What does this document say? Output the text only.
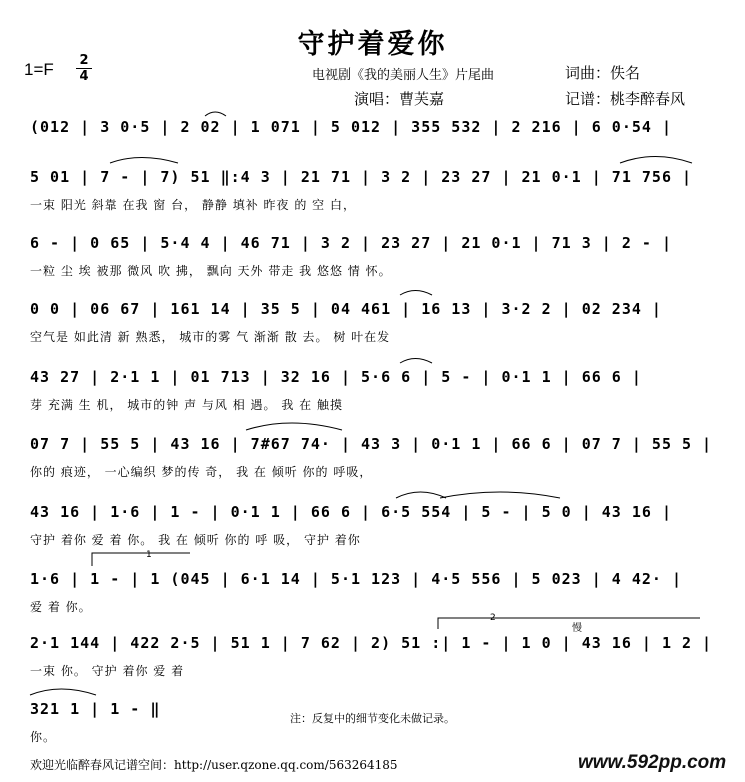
守护着爱你
1=F 2
4	电视剧《我的美丽人生》片尾曲
演唱：曹芙嘉
词曲：佚名
记谱：桃李醉春风
(012 | 3 0·5 | 2 02 | 1 071 | 5 012 | 355 532 | 2 216 | 6 0·54 |
5 01 | 7 - | 7) 51 ‖:4 3 | 21 71 | 3 2 | 23 27 | 21 0·1 | 71 756 |
一束 阳光 斜靠 在我 窗 台， 静静 填补 昨夜 的 空 白，
6 - | 0 65 | 5·4 4 | 46 71 | 3 2 | 23 27 | 21 0·1 | 71 3 | 2 - |
一粒 尘 埃 被那 微风 吹 拂， 飘向 天外 带走 我 悠悠 情 怀。
0 0 | 06 67 | 161 14 | 35 5 | 04 461 | 16 13 | 3·2 2 | 02 234 |
空气是 如此清 新 熟悉， 城市的雾 气 渐渐 散 去。 树 叶在发
43 27 | 2·1 1 | 01 713 | 32 16 | 5·6 6 | 5 - | 0·1 1 | 66 6 |
芽 充满 生 机， 城市的钟 声 与风 相 遇。 我 在 触摸
07 7 | 55 5 | 43 16 | 7#67 74· | 43 3 | 0·1 1 | 66 6 | 07 7 | 55 5 |
你的 痕迹， 一心编织 梦的传 奇， 我 在 倾听 你的 呼吸，
43 16 | 1·6 | 1 - | 0·1 1 | 66 6 | 6·5 554 | 5 - | 5 0 | 43 16 |
守护 着你 爱 着 你。 我 在 倾听 你的 呼 吸， 守护 着你
1·6 | 1 - | 1 (045 | 6·1 14 | 5·1 123 | 4·5 556 | 5 023 | 4 42· |
爱 着 你。
2·1 144 | 422 2·5 | 51 1 | 7 62 | 2) 51 :| 1 - | 1 0 | 43 16 | 1 2 |
一束 你。 守护 着你 爱 着
321 1 | 1 - ‖
你。
1
2
慢
注：反复中的细节变化未做记录。
欢迎光临醉春风记谱空间：http://user.qzone.qq.com/563264185	www.592pp.com
